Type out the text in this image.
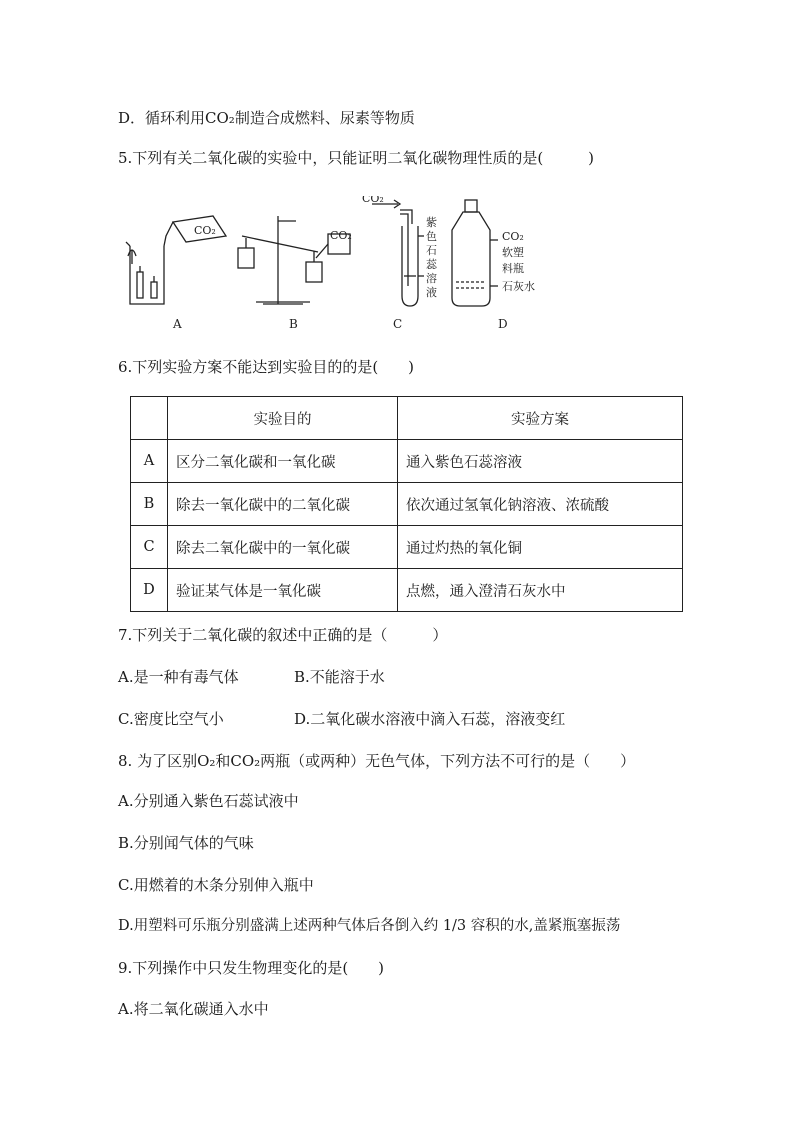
D．循环利用CO₂制造合成燃料、尿素等物质
5.下列有关二氧化碳的实验中，只能证明二氧化碳物理性质的是(　　　)
CO₂	CO₂
CO₂
紫
色
石
蕊
溶
液
CO₂
软塑
料瓶
石灰水
A	B	C	D
6.下列实验方案不能达到实验目的的是(　　)
	实验目的	实验方案
A	区分二氧化碳和一氧化碳	通入紫色石蕊溶液
B	除去一氧化碳中的二氧化碳	依次通过氢氧化钠溶液、浓硫酸
C	除去二氧化碳中的一氧化碳	通过灼热的氧化铜
D	验证某气体是一氧化碳	点燃，通入澄清石灰水中
7.下列关于二氧化碳的叙述中正确的是（　　　）
A.是一种有毒气体	B.不能溶于水
C.密度比空气小	D.二氧化碳水溶液中滴入石蕊，溶液变红
8. 为了区别O₂和CO₂两瓶（或两种）无色气体，下列方法不可行的是（　　）
A.分别通入紫色石蕊试液中
B.分别闻气体的气味
C.用燃着的木条分别伸入瓶中
D.用塑料可乐瓶分别盛满上述两种气体后各倒入约 1/3 容积的水,盖紧瓶塞振荡
9.下列操作中只发生物理变化的是(　　)
A.将二氧化碳通入水中
